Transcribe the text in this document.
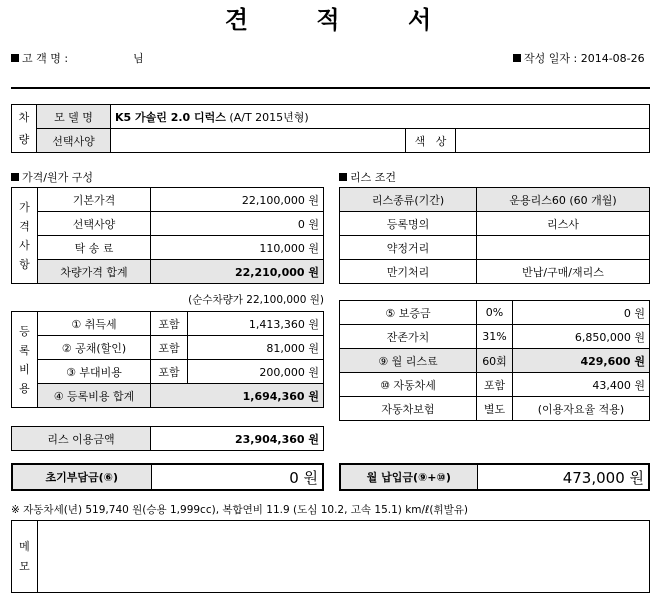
견 적 서
고 객 명 :	님	작성 일자 : 2014-08-26
차
량	모 델 명	K5 가솔린 2.0 디럭스 (A/T 2015년형)		
	선택사양		색   상	
가격/원가 구성	리스 조건
가
격
사
항	기본가격	22,100,000 원
	선택사양	0 원
	탁 송 료	110,000 원
	차량가격 합계	22,210,000 원
(순수차량가 22,100,000 원)
등
록
비
용	① 취득세	포함	1,413,360 원
	② 공채(할인)	포함	81,000 원
	③ 부대비용	포함	200,000 원
	④ 등록비용 합계	1,694,360 원	
리스 이용금액	23,904,360 원
초기부담금(⑥)	0 원
리스종류(기간)	운용리스60 (60 개월)
등록명의	리스사
약정거리	
만기처리	반납/구매/재리스
⑤ 보증금	0%	0 원
잔존가치	31%	6,850,000 원
⑨ 월 리스료	60회	429,600 원
⑩ 자동차세	포함	43,400 원
자동차보험	별도	(이용자요율 적용)
월 납입금(⑨+⑩)	473,000 원
※ 자동차세(년) 519,740 원(승용 1,999cc), 복합연비 11.9 (도심 10.2, 고속 15.1) km/ℓ(휘발유)
메
모	
